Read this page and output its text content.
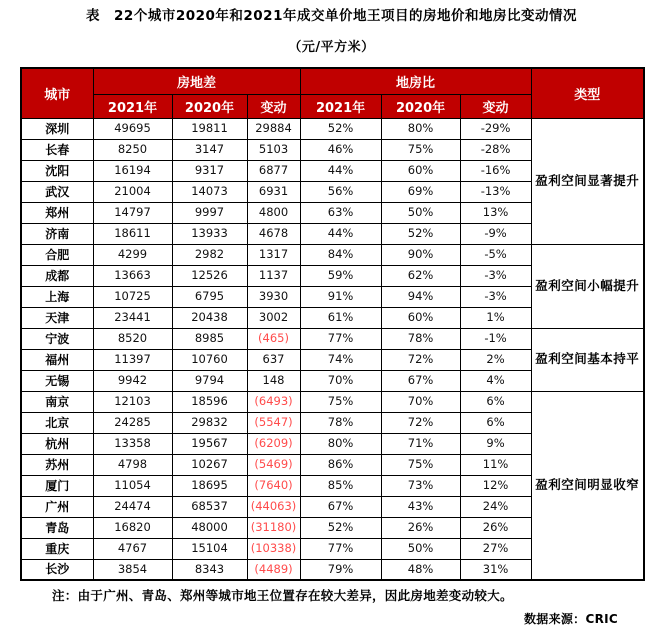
表　22个城市2020年和2021年成交单价地王项目的房地价和地房比变动情况
（元/平方米）
城市	房地差			地房比			类型
	2021年	2020年	变动	2021年	2020年	变动	
深圳	49695	19811	29884	52%	80%	-29%	盈利空间显著提升
长春	8250	3147	5103	46%	75%	-28%	
沈阳	16194	9317	6877	44%	60%	-16%	
武汉	21004	14073	6931	56%	69%	-13%	
郑州	14797	9997	4800	63%	50%	13%	
济南	18611	13933	4678	44%	52%	-9%	
合肥	4299	2982	1317	84%	90%	-5%	盈利空间小幅提升
成都	13663	12526	1137	59%	62%	-3%	
上海	10725	6795	3930	91%	94%	-3%	
天津	23441	20438	3002	61%	60%	1%	
宁波	8520	8985	(465)	77%	78%	-1%	盈利空间基本持平
福州	11397	10760	637	74%	72%	2%	
无锡	9942	9794	148	70%	67%	4%	
南京	12103	18596	(6493)	75%	70%	6%	盈利空间明显收窄
北京	24285	29832	(5547)	78%	72%	6%	
杭州	13358	19567	(6209)	80%	71%	9%	
苏州	4798	10267	(5469)	86%	75%	11%	
厦门	11054	18695	(7640)	85%	73%	12%	
广州	24474	68537	(44063)	67%	43%	24%	
青岛	16820	48000	(31180)	52%	26%	26%	
重庆	4767	15104	(10338)	77%	50%	27%	
长沙	3854	8343	(4489)	79%	48%	31%	
注：由于广州、青岛、郑州等城市地王位置存在较大差异，因此房地差变动较大。
数据来源：CRIC
